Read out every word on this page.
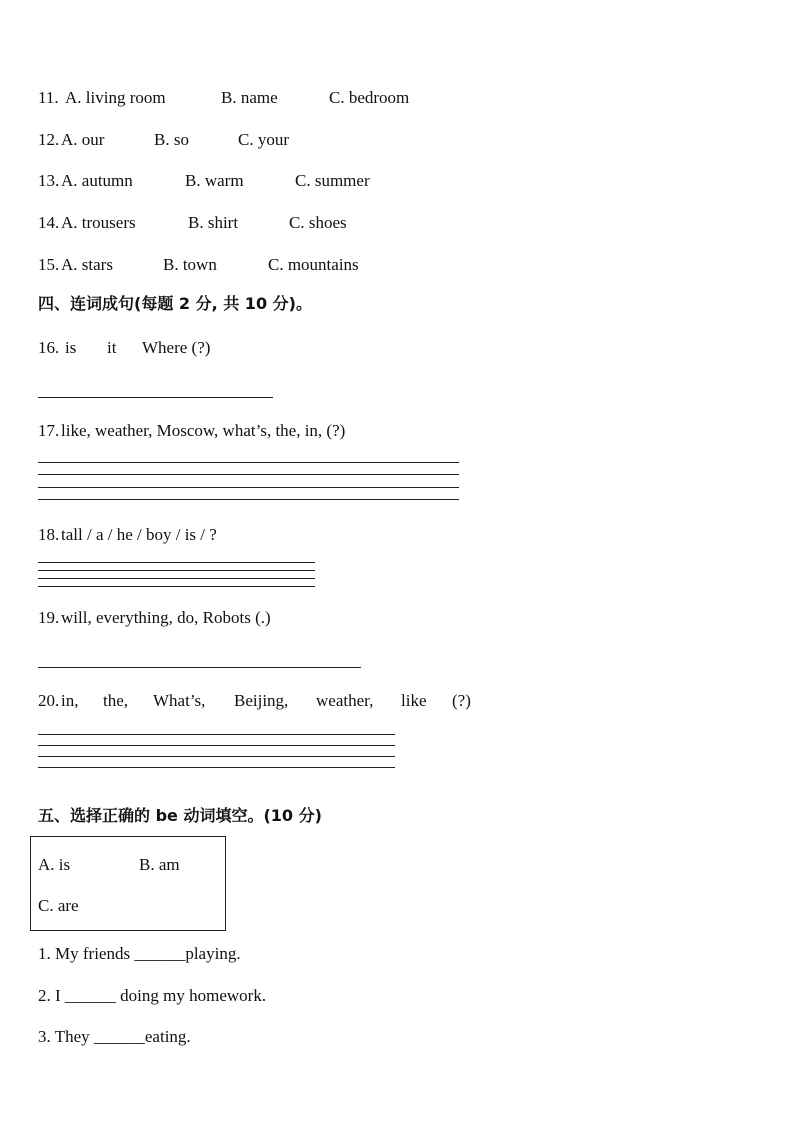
11. A. living room	B. name	C. bedroom
12. A. our	B. so	C. your
13. A. autumn	B. warm	C. summer
14. A. trousers	B. shirt	C. shoes
15. A. stars	B. town	C. mountains
四、连词成句(每题 2 分, 共 10 分)。
16. is it Where (?)
17. like, weather, Moscow, what’s, the, in, (?)
18. tall / a / he / boy / is / ?
19. will, everything, do, Robots (.)
20. in, the, What’s, Beijing, weather, like (?)
五、选择正确的 be 动词填空。(10 分)
A. is	B. am
C. are
1. My friends ______playing.
2. I ______ doing my homework.
3. They ______eating.
